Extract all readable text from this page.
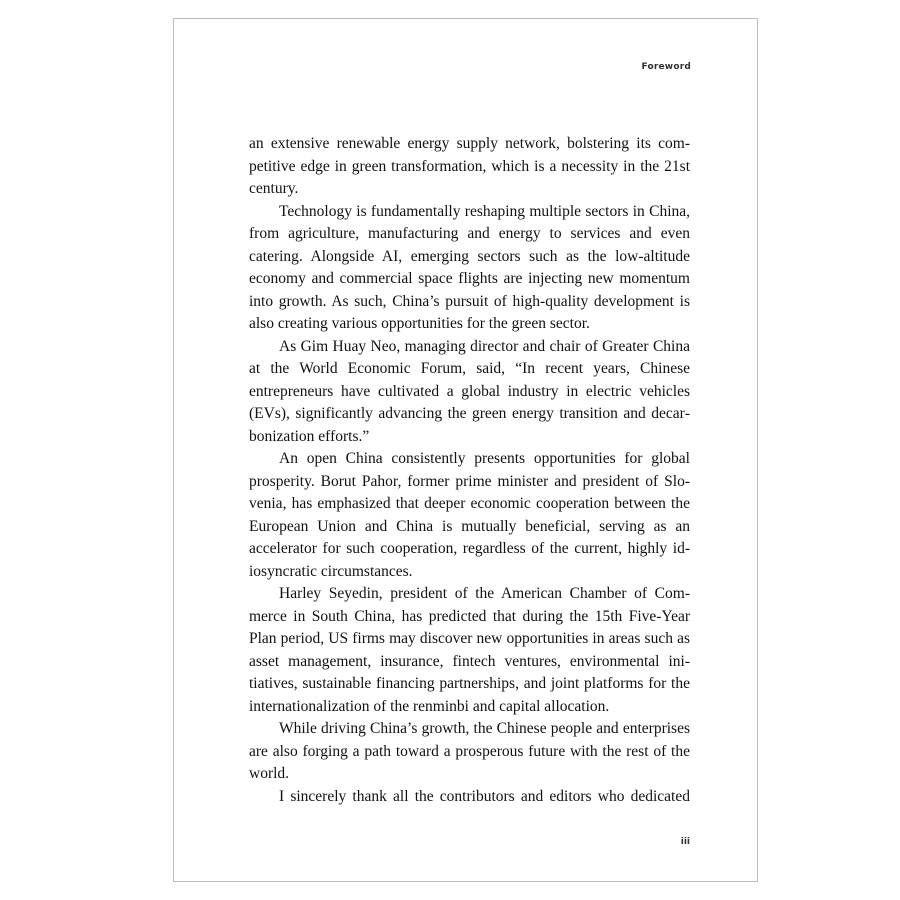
Foreword

an extensive renewable energy supply network, bolstering its competitive edge in green transformation, which is a necessity in the 21st century.

Technology is fundamentally reshaping multiple sectors in China, from agriculture, manufacturing and energy to services and even catering. Alongside AI, emerging sectors such as the low-altitude economy and commercial space flights are injecting new momentum into growth. As such, China’s pursuit of high-quality development is also creating various opportunities for the green sector.

As Gim Huay Neo, managing director and chair of Greater China at the World Economic Forum, said, “In recent years, Chinese entrepreneurs have cultivated a global industry in electric vehicles (EVs), significantly advancing the green energy transition and decarbonization efforts.”

An open China consistently presents opportunities for global prosperity. Borut Pahor, former prime minister and president of Slovenia, has emphasized that deeper economic cooperation between the European Union and China is mutually beneficial, serving as an accelerator for such cooperation, regardless of the current, highly idiosyncratic circumstances.

Harley Seyedin, president of the American Chamber of Commerce in South China, has predicted that during the 15th Five-Year Plan period, US firms may discover new opportunities in areas such as asset management, insurance, fintech ventures, environmental initiatives, sustainable financing partnerships, and joint platforms for the internationalization of the renminbi and capital allocation.

While driving China’s growth, the Chinese people and enterprises are also forging a path toward a prosperous future with the rest of the world.

I sincerely thank all the contributors and editors who dedicated

iii
